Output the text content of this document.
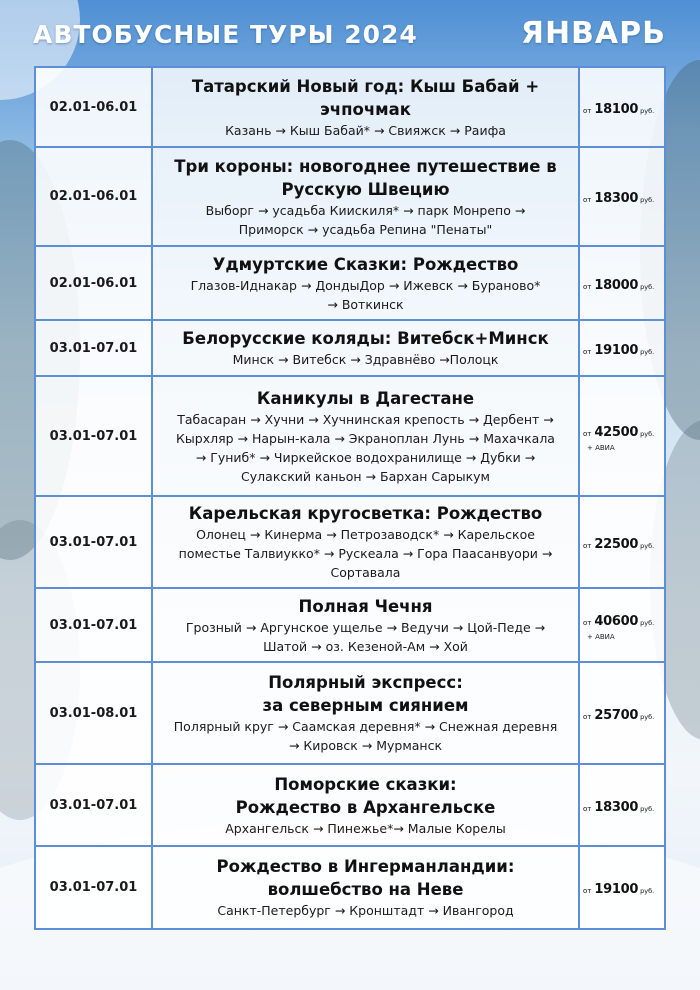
АВТОБУСНЫЕ ТУРЫ 2024	ЯНВАРЬ
02.01-06.01
Татарский Новый год: Кыш Бабай +
эчпочмак
Казань → Кыш Бабай* → Свияжск → Раифа
от 18100 руб.
02.01-06.01
Три короны: новогоднее путешествие в
Русскую Швецию
Выборг → усадьба Киискиля* → парк Монрепо →
Приморск → усадьба Репина "Пенаты"
от 18300 руб.
02.01-06.01
Удмуртские Сказки: Рождество
Глазов-Иднакар → ДондыДор → Ижевск → Бураново*
→ Воткинск
от 18000 руб.
03.01-07.01	Белорусские коляды: Витебск+Минск
Минск → Витебск → Здравнёво →Полоцк
от 19100 руб.
03.01-07.01
Каникулы в Дагестане
Табасаран → Хучни → Хучнинская крепость → Дербент →
Кырхляр → Нарын-кала → Экраноплан Лунь → Махачкала
→ Гуниб* → Чиркейское водохранилище → Дубки →
Сулакский каньон → Бархан Сарыкум
от 42500 руб.
+ АВИА
03.01-07.01
Карельская кругосветка: Рождество
Олонец → Кинерма → Петрозаводск* → Карельское
поместье Талвиукко* → Рускеала → Гора Паасанвуори →
Сортавала
от 22500 руб.
03.01-07.01
Полная Чечня
Грозный → Аргунское ущелье → Ведучи → Цой-Педе →
Шатой → оз. Кезеной-Ам → Хой
от 40600 руб.
+ АВИА
03.01-08.01
Полярный экспресс:
за северным сиянием
Полярный круг → Саамская деревня* → Снежная деревня
→ Кировск → Мурманск
от 25700 руб.
03.01-07.01
Поморские сказки:
Рождество в Архангельске
Архангельск → Пинежье*→ Малые Корелы
от 18300 руб.
03.01-07.01
Рождество в Ингерманландии:
волшебство на Неве
Санкт-Петербург → Кронштадт → Ивангород
от 19100 руб.
